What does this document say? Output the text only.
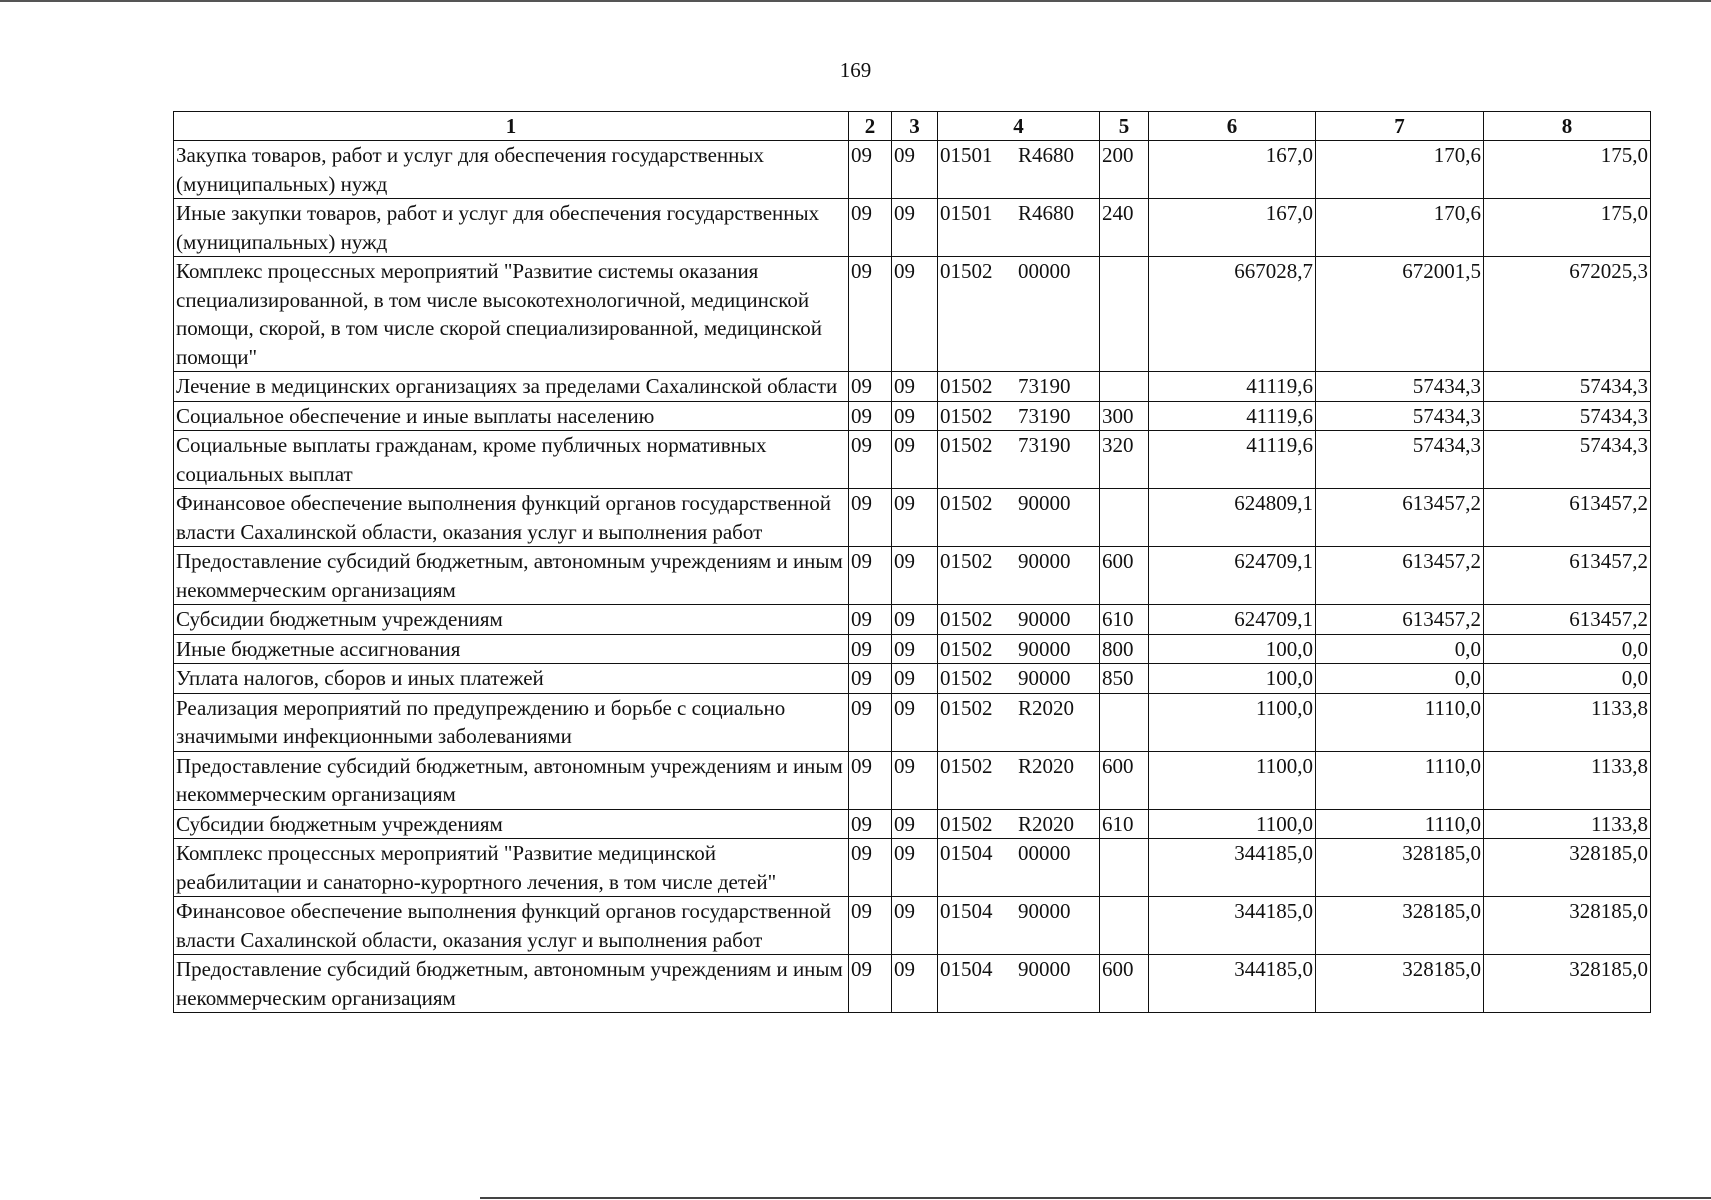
169
1	2	3	4	5	6	7	8
Закупка товаров, работ и услуг для обеспечения государственных (муниципальных) нужд	09	09	01501 R4680	200	167,0	170,6	175,0
Иные закупки товаров, работ и услуг для обеспечения государственных (муниципальных) нужд	09	09	01501 R4680	240	167,0	170,6	175,0
Комплекс процессных мероприятий "Развитие системы оказания специализированной, в том числе высокотехнологичной, медицинской помощи, скорой, в том числе скорой специализированной, медицинской помощи"	09	09	01502 00000		667028,7	672001,5	672025,3
Лечение в медицинских организациях за пределами Сахалинской области	09	09	01502 73190		41119,6	57434,3	57434,3
Социальное обеспечение и иные выплаты населению	09	09	01502 73190	300	41119,6	57434,3	57434,3
Социальные выплаты гражданам, кроме публичных нормативных социальных выплат	09	09	01502 73190	320	41119,6	57434,3	57434,3
Финансовое обеспечение выполнения функций органов государственной власти Сахалинской области, оказания услуг и выполнения работ	09	09	01502 90000		624809,1	613457,2	613457,2
Предоставление субсидий бюджетным, автономным учреждениям и иным некоммерческим организациям	09	09	01502 90000	600	624709,1	613457,2	613457,2
Субсидии бюджетным учреждениям	09	09	01502 90000	610	624709,1	613457,2	613457,2
Иные бюджетные ассигнования	09	09	01502 90000	800	100,0	0,0	0,0
Уплата налогов, сборов и иных платежей	09	09	01502 90000	850	100,0	0,0	0,0
Реализация мероприятий по предупреждению и борьбе с социально значимыми инфекционными заболеваниями	09	09	01502 R2020		1100,0	1110,0	1133,8
Предоставление субсидий бюджетным, автономным учреждениям и иным некоммерческим организациям	09	09	01502 R2020	600	1100,0	1110,0	1133,8
Субсидии бюджетным учреждениям	09	09	01502 R2020	610	1100,0	1110,0	1133,8
Комплекс процессных мероприятий "Развитие медицинской реабилитации и санаторно-курортного лечения, в том числе детей"	09	09	01504 00000		344185,0	328185,0	328185,0
Финансовое обеспечение выполнения функций органов государственной власти Сахалинской области, оказания услуг и выполнения работ	09	09	01504 90000		344185,0	328185,0	328185,0
Предоставление субсидий бюджетным, автономным учреждениям и иным некоммерческим организациям	09	09	01504 90000	600	344185,0	328185,0	328185,0
